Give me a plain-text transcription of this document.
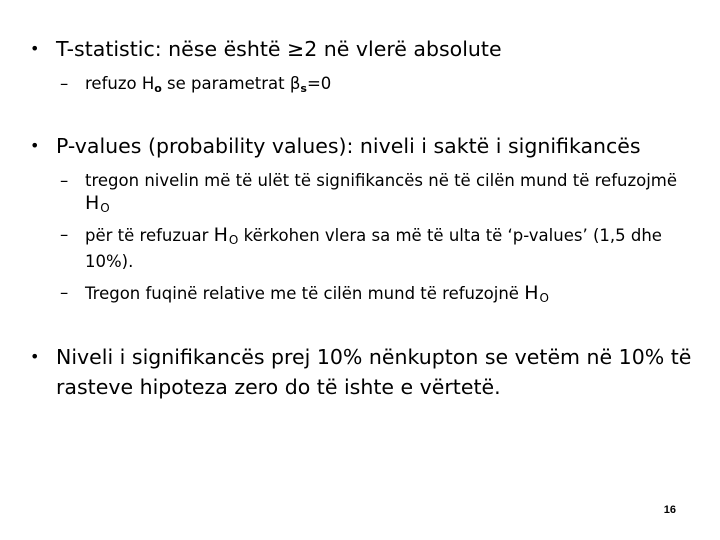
• T-statistic: nëse është ≥2 në vlerë absolute
–	refuzo Ho se parametrat βs=0
• P-values (probability values): niveli i saktë i signifikancës
–	tregon nivelin më të ulët të signifikancës në të cilën mund të refuzojmë HO
–	për të refuzuar HO kërkohen vlera sa më të ulta të ‘p-values’ (1,5 dhe 10%).
–	Tregon fuqinë relative me të cilën mund të refuzojnë HO
• Niveli i signifikancës prej 10% nënkupton se vetëm në 10% të rasteve hipoteza zero do të ishte e vërtetë.
16
